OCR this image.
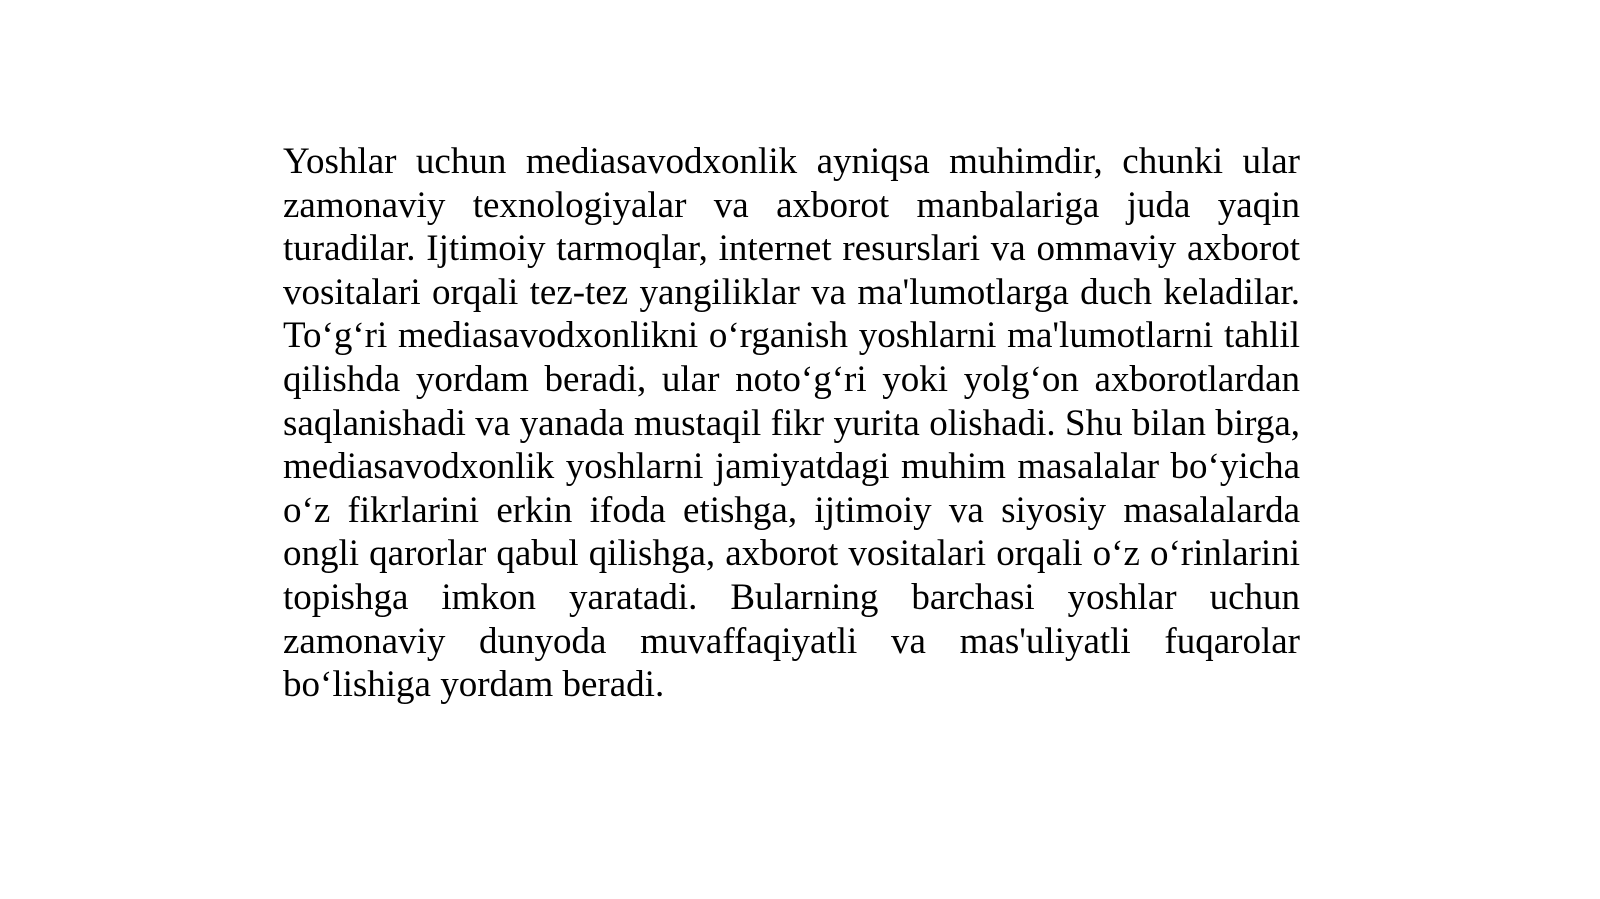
Yoshlar uchun mediasavodxonlik ayniqsa muhimdir, chunki ular zamonaviy texnologiyalar va axborot manbalariga juda yaqin turadilar. Ijtimoiy tarmoqlar, internet resurslari va ommaviy axborot vositalari orqali tez-tez yangiliklar va ma'lumotlarga duch keladilar. To‘g‘ri mediasavodxonlikni o‘rganish yoshlarni ma'lumotlarni tahlil qilishda yordam beradi, ular noto‘g‘ri yoki yolg‘on axborotlardan saqlanishadi va yanada mustaqil fikr yurita olishadi. Shu bilan birga, mediasavodxonlik yoshlarni jamiyatdagi muhim masalalar bo‘yicha o‘z fikrlarini erkin ifoda etishga, ijtimoiy va siyosiy masalalarda ongli qarorlar qabul qilishga, axborot vositalari orqali o‘z o‘rinlarini topishga imkon yaratadi. Bularning barchasi yoshlar uchun zamonaviy dunyoda muvaffaqiyatli va mas'uliyatli fuqarolar bo‘lishiga yordam beradi.
